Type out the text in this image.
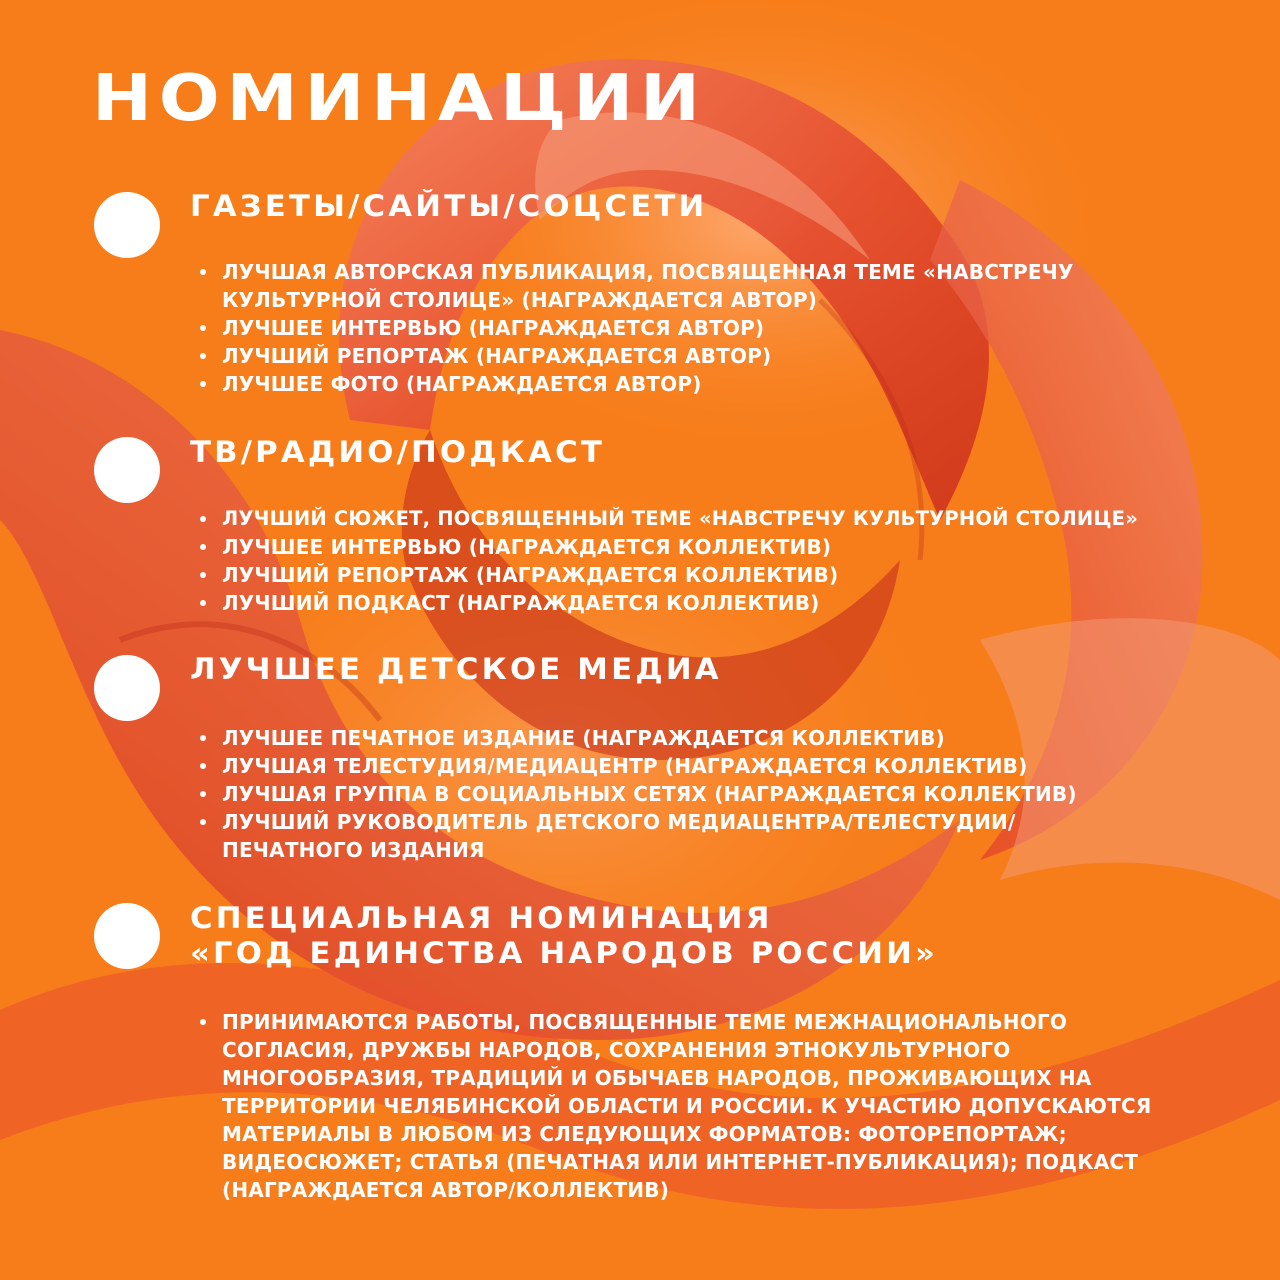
НОМИНАЦИИ
ГАЗЕТЫ/САЙТЫ/СОЦСЕТИ
ЛУЧШАЯ АВТОРСКАЯ ПУБЛИКАЦИЯ, ПОСВЯЩЕННАЯ ТЕМЕ «НАВСТРЕЧУ КУЛЬТУРНОЙ СТОЛИЦЕ» (НАГРАЖДАЕТСЯ АВТОР)
ЛУЧШЕЕ ИНТЕРВЬЮ (НАГРАЖДАЕТСЯ АВТОР)
ЛУЧШИЙ РЕПОРТАЖ (НАГРАЖДАЕТСЯ АВТОР)
ЛУЧШЕЕ ФОТО (НАГРАЖДАЕТСЯ АВТОР)
ТВ/РАДИО/ПОДКАСТ
ЛУЧШИЙ СЮЖЕТ, ПОСВЯЩЕННЫЙ ТЕМЕ «НАВСТРЕЧУ КУЛЬТУРНОЙ СТОЛИЦЕ»
ЛУЧШЕЕ ИНТЕРВЬЮ (НАГРАЖДАЕТСЯ КОЛЛЕКТИВ)
ЛУЧШИЙ РЕПОРТАЖ (НАГРАЖДАЕТСЯ КОЛЛЕКТИВ)
ЛУЧШИЙ ПОДКАСТ (НАГРАЖДАЕТСЯ КОЛЛЕКТИВ)
ЛУЧШЕЕ ДЕТСКОЕ МЕДИА
ЛУЧШЕЕ ПЕЧАТНОЕ ИЗДАНИЕ (НАГРАЖДАЕТСЯ КОЛЛЕКТИВ)
ЛУЧШАЯ ТЕЛЕСТУДИЯ/МЕДИАЦЕНТР (НАГРАЖДАЕТСЯ КОЛЛЕКТИВ)
ЛУЧШАЯ ГРУППА В СОЦИАЛЬНЫХ СЕТЯХ (НАГРАЖДАЕТСЯ КОЛЛЕКТИВ)
ЛУЧШИЙ РУКОВОДИТЕЛЬ ДЕТСКОГО МЕДИАЦЕНТРА/ТЕЛЕСТУДИИ/ ПЕЧАТНОГО ИЗДАНИЯ
СПЕЦИАЛЬНАЯ НОМИНАЦИЯ
«ГОД ЕДИНСТВА НАРОДОВ РОССИИ»
ПРИНИМАЮТСЯ РАБОТЫ, ПОСВЯЩЕННЫЕ ТЕМЕ МЕЖНАЦИОНАЛЬНОГО СОГЛАСИЯ, ДРУЖБЫ НАРОДОВ, СОХРАНЕНИЯ ЭТНОКУЛЬТУРНОГО МНОГООБРАЗИЯ, ТРАДИЦИЙ И ОБЫЧАЕВ НАРОДОВ, ПРОЖИВАЮЩИХ НА ТЕРРИТОРИИ ЧЕЛЯБИНСКОЙ ОБЛАСТИ И РОССИИ. К УЧАСТИЮ ДОПУСКАЮТСЯ МАТЕРИАЛЫ В ЛЮБОМ ИЗ СЛЕДУЮЩИХ ФОРМАТОВ: ФОТОРЕПОРТАЖ; ВИДЕОСЮЖЕТ; СТАТЬЯ (ПЕЧАТНАЯ ИЛИ ИНТЕРНЕТ-ПУБЛИКАЦИЯ); ПОДКАСТ (НАГРАЖДАЕТСЯ АВТОР/КОЛЛЕКТИВ)
